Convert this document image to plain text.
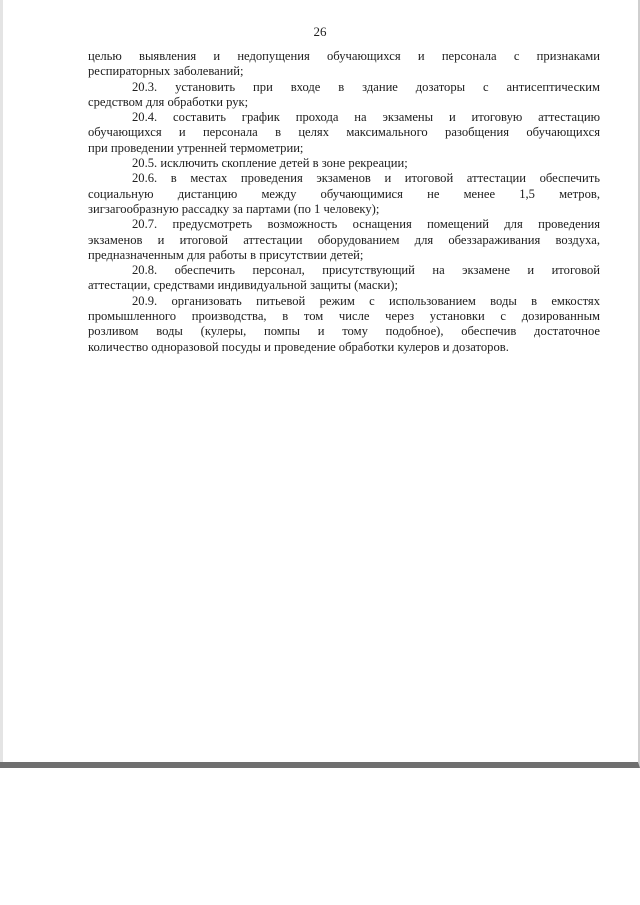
26
целью выявления и недопущения обучающихся и персонала с признаками
респираторных заболеваний;
20.3. установить при входе в здание дозаторы с антисептическим
средством для обработки рук;
20.4. составить график прохода на экзамены и итоговую аттестацию
обучающихся и персонала в целях максимального разобщения обучающихся
при проведении утренней термометрии;
20.5. исключить скопление детей в зоне рекреации;
20.6. в местах проведения экзаменов и итоговой аттестации обеспечить
социальную дистанцию между обучающимися не менее 1,5 метров,
зигзагообразную рассадку за партами (по 1 человеку);
20.7. предусмотреть возможность оснащения помещений для проведения
экзаменов и итоговой аттестации оборудованием для обеззараживания воздуха,
предназначенным для работы в присутствии детей;
20.8. обеспечить персонал, присутствующий на экзамене и итоговой
аттестации, средствами индивидуальной защиты (маски);
20.9. организовать питьевой режим с использованием воды в емкостях
промышленного производства, в том числе через установки с дозированным
розливом воды (кулеры, помпы и тому подобное), обеспечив достаточное
количество одноразовой посуды и проведение обработки кулеров и дозаторов.
